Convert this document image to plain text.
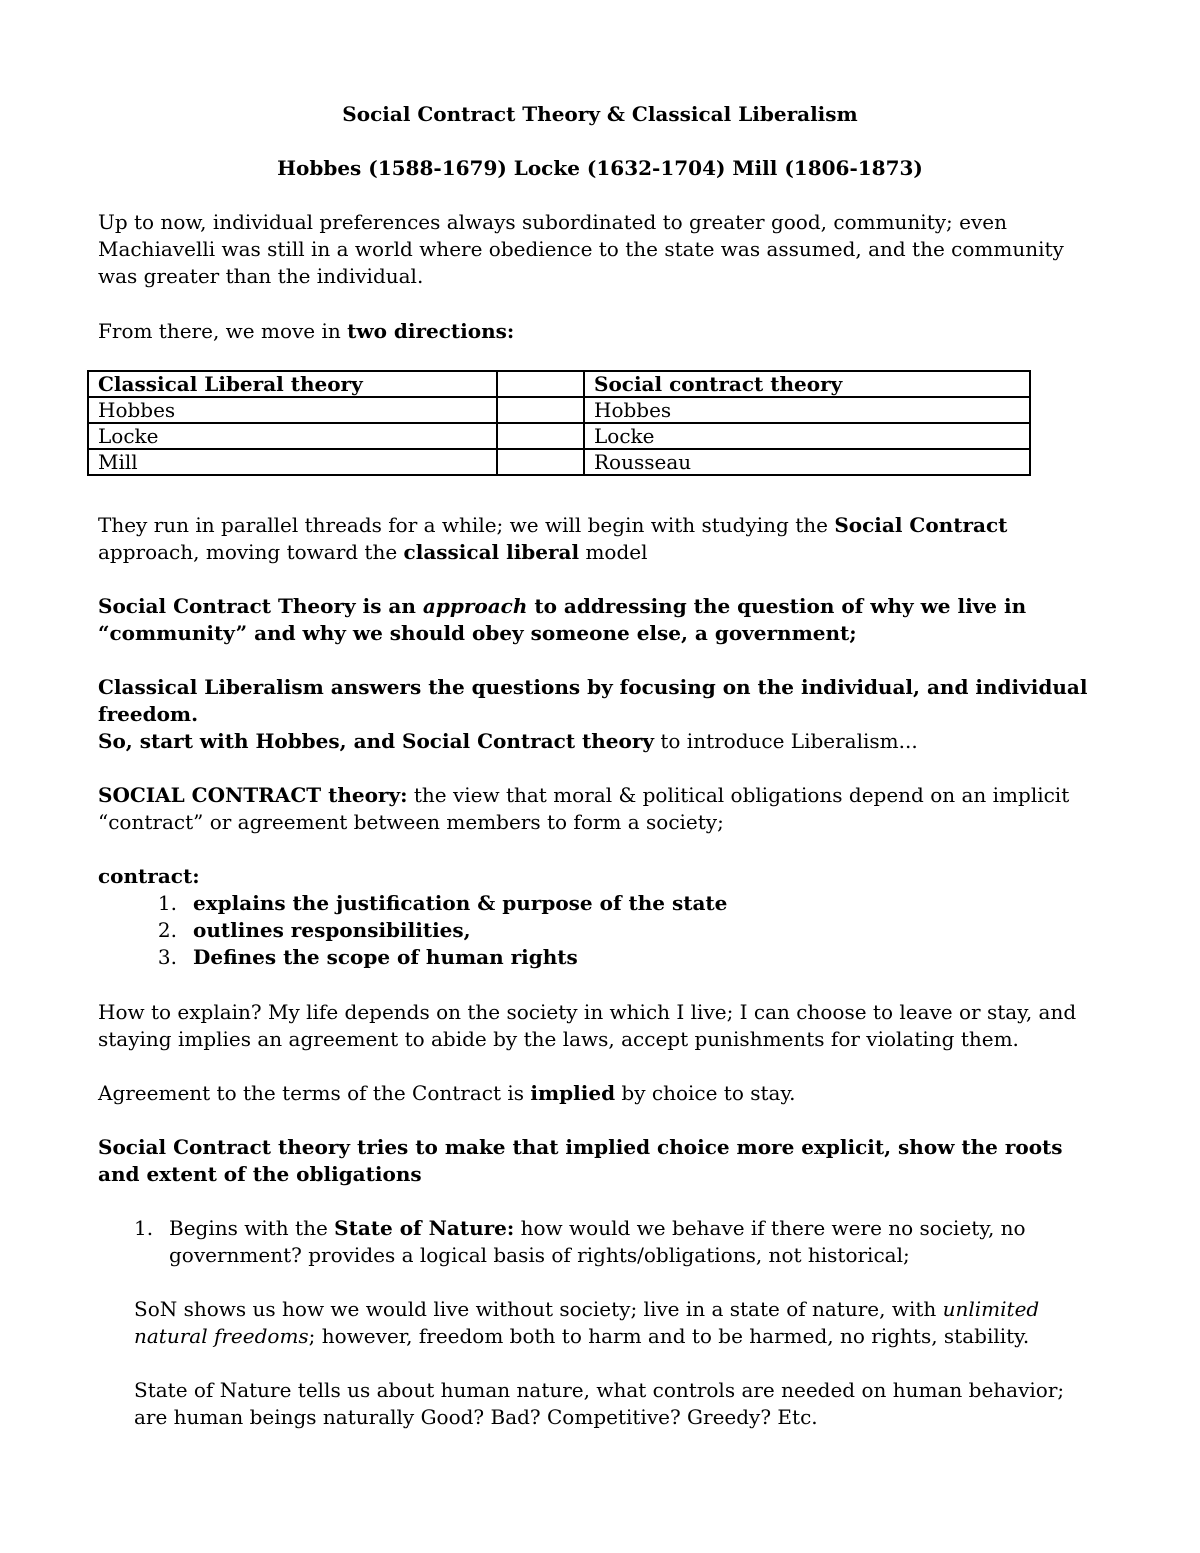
Social Contract Theory & Classical Liberalism

Hobbes (1588-1679) Locke (1632-1704) Mill (1806-1873)

Up to now, individual preferences always subordinated to greater good, community; even Machiavelli was still in a world where obedience to the state was assumed, and the community was greater than the individual.

From there, we move in two directions:

Classical Liberal theory		Social contract theory
Hobbes		Hobbes
Locke		Locke
Mill		Rousseau

They run in parallel threads for a while; we will begin with studying the Social Contract approach, moving toward the classical liberal model

Social Contract Theory is an approach to addressing the question of why we live in “community” and why we should obey someone else, a government;

Classical Liberalism answers the questions by focusing on the individual, and individual freedom.

So, start with Hobbes, and Social Contract theory to introduce Liberalism...

SOCIAL CONTRACT theory: the view that moral & political obligations depend on an implicit “contract” or agreement between members to form a society;

contract:

1. explains the justification & purpose of the state
2. outlines responsibilities,
3. Defines the scope of human rights

How to explain? My life depends on the society in which I live; I can choose to leave or stay, and staying implies an agreement to abide by the laws, accept punishments for violating them.

Agreement to the terms of the Contract is implied by choice to stay.

Social Contract theory tries to make that implied choice more explicit, show the roots and extent of the obligations

1. Begins with the State of Nature: how would we behave if there were no society, no government? provides a logical basis of rights/obligations, not historical;

SoN shows us how we would live without society; live in a state of nature, with unlimited natural freedoms; however, freedom both to harm and to be harmed, no rights, stability.

State of Nature tells us about human nature, what controls are needed on human behavior; are human beings naturally Good? Bad? Competitive? Greedy? Etc.
